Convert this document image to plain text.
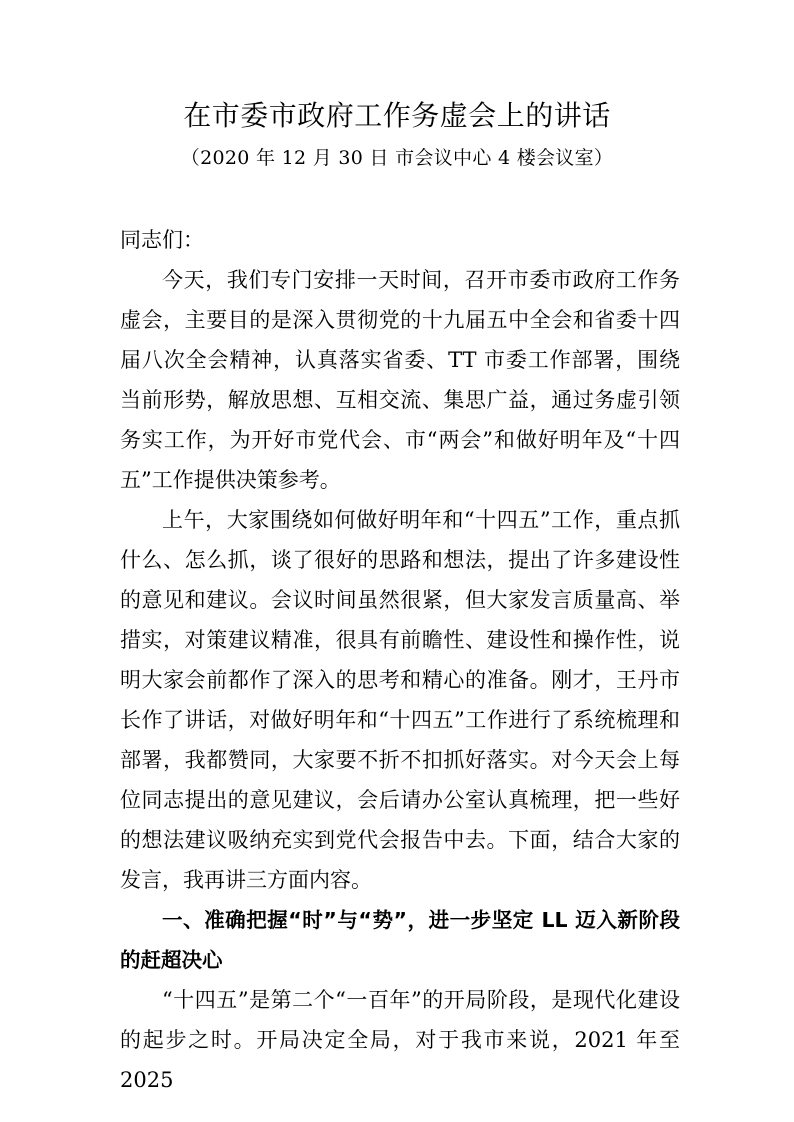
在市委市政府工作务虚会上的讲话
（2020 年 12 月 30 日 市会议中心 4 楼会议室）

同志们：

今天，我们专门安排一天时间，召开市委市政府工作务虚会，主要目的是深入贯彻党的十九届五中全会和省委十四届八次全会精神，认真落实省委、TT 市委工作部署，围绕当前形势，解放思想、互相交流、集思广益，通过务虚引领务实工作，为开好市党代会、市“两会”和做好明年及“十四五”工作提供决策参考。

上午，大家围绕如何做好明年和“十四五”工作，重点抓什么、怎么抓，谈了很好的思路和想法，提出了许多建设性的意见和建议。会议时间虽然很紧，但大家发言质量高、举措实，对策建议精准，很具有前瞻性、建设性和操作性，说明大家会前都作了深入的思考和精心的准备。刚才，王丹市长作了讲话，对做好明年和“十四五”工作进行了系统梳理和部署，我都赞同，大家要不折不扣抓好落实。对今天会上每位同志提出的意见建议，会后请办公室认真梳理，把一些好的想法建议吸纳充实到党代会报告中去。下面，结合大家的发言，我再讲三方面内容。

一、准确把握“时”与“势”，进一步坚定 LL 迈入新阶段的赶超决心

“十四五”是第二个“一百年”的开局阶段，是现代化建设的起步之时。开局决定全局，对于我市来说，2021 年至 2025
